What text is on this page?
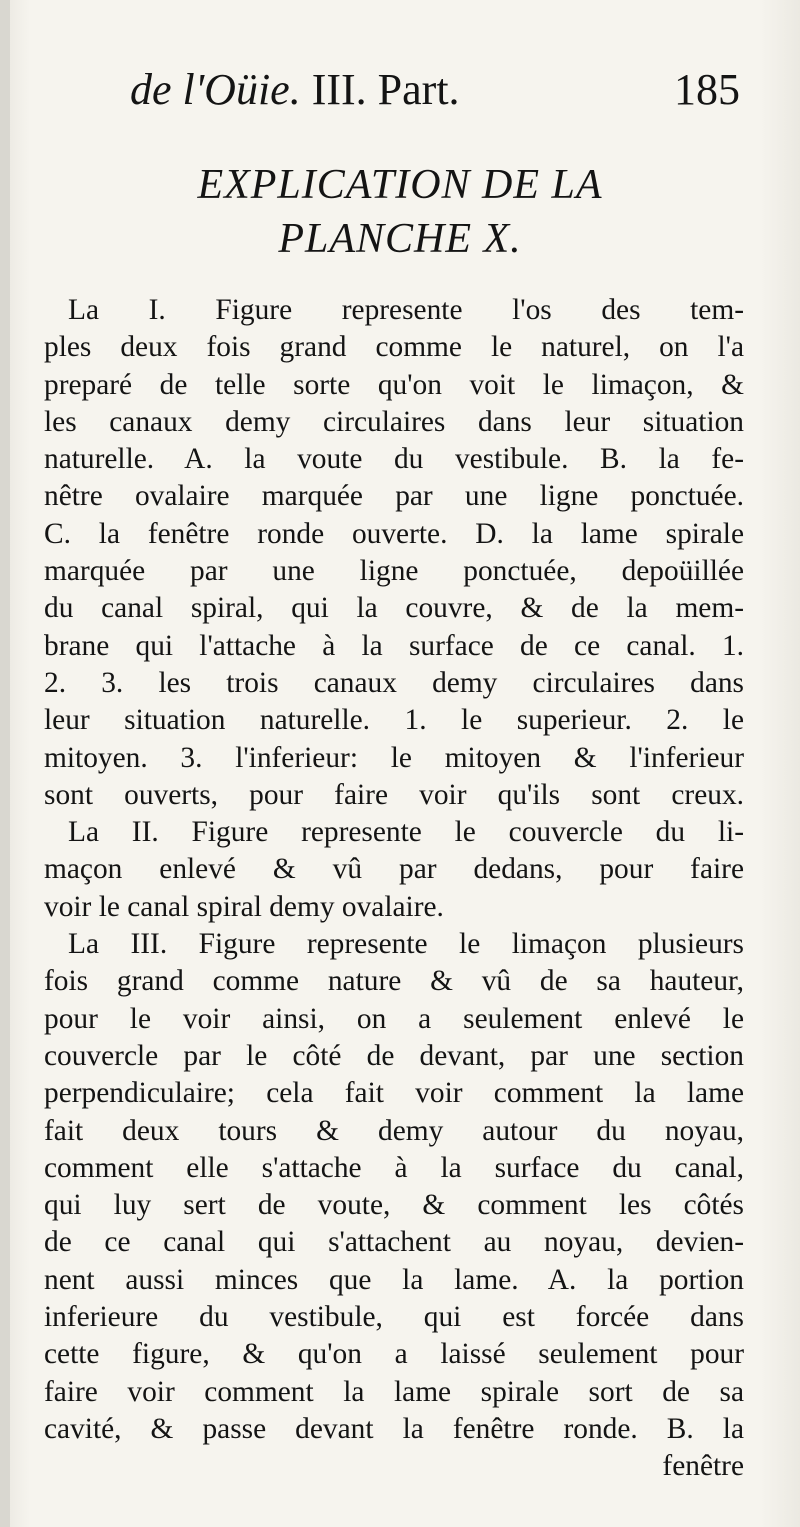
de l'Oüie. III. Part.	185
EXPLICATION DE LA
PLANCHE X.
La I. Figure represente l'os des tem-
ples deux fois grand comme le naturel, on l'a
preparé de telle sorte qu'on voit le limaçon, &
les canaux demy circulaires dans leur situation
naturelle. A. la voute du vestibule. B. la fe-
nêtre ovalaire marquée par une ligne ponctuée.
C. la fenêtre ronde ouverte. D. la lame spirale
marquée par une ligne ponctuée, depoüillée
du canal spiral, qui la couvre, & de la mem-
brane qui l'attache à la surface de ce canal. 1.
2. 3. les trois canaux demy circulaires dans
leur situation naturelle. 1. le superieur. 2. le
mitoyen. 3. l'inferieur: le mitoyen & l'inferieur
sont ouverts, pour faire voir qu'ils sont creux.
La II. Figure represente le couvercle du li-
maçon enlevé & vû par dedans, pour faire
voir le canal spiral demy ovalaire.
La III. Figure represente le limaçon plusieurs
fois grand comme nature & vû de sa hauteur,
pour le voir ainsi, on a seulement enlevé le
couvercle par le côté de devant, par une section
perpendiculaire; cela fait voir comment la lame
fait deux tours & demy autour du noyau,
comment elle s'attache à la surface du canal,
qui luy sert de voute, & comment les côtés
de ce canal qui s'attachent au noyau, devien-
nent aussi minces que la lame. A. la portion
inferieure du vestibule, qui est forcée dans
cette figure, & qu'on a laissé seulement pour
faire voir comment la lame spirale sort de sa
cavité, & passe devant la fenêtre ronde. B. la
fenêtre
